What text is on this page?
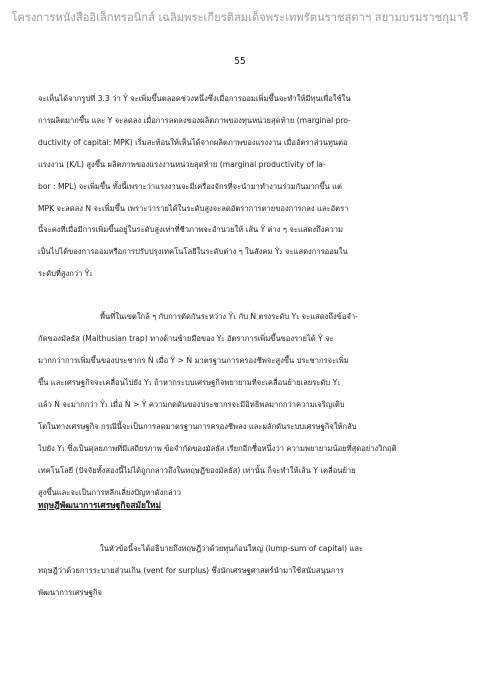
โครงการหนังสืออิเล็กทรอนิกส์ เฉลิมพระเกียรติสมเด็จพระเทพรัตนราชสุดาฯ สยามบรมราชกุมารี
55
จะเห็นได้จากรูปที่ 3.3 ว่า Ŷ จะเพิ่มขึ้นตลอดช่วงหนึ่งซึ่งเมื่อการออมเพิ่มขึ้นจะทำให้มีทุนเพื่อใช้ใน
การผลิตมากขึ้น และ Y จะลดลง เมื่อการลดลงของผลิตภาพของทุนหน่วยสุดท้าย (marginal pro-
ductivity of capital: MPK) เริ่มสะท้อนให้เห็นได้จากผลิตภาพของแรงงาน เมื่ออัตราส่วนทุนต่อ
แรงงาน (K/L) สูงขึ้น ผลิตภาพของแรงงานหน่วยสุดท้าย (marginal productivity of la-
bor : MPL) จะเพิ่มขึ้น ทั้งนี้เพราะว่าแรงงานจะมีเครื่องจักรที่จะนำมาทำงานร่วมกันมากขึ้น แต่
MPK จะลดลง N จะเพิ่มขึ้น เพราะว่ารายได้ในระดับสูงจะลดอัตราการตายของการกลง และอัตรา
นี้จะคงที่เมื่อมีการเพิ่มขึ้นอยู่ในระดับสูงเท่าที่ชีวภาพจะอำนวยให้ เส้น Ŷ ต่าง ๆ จะแสดงถึงความ
เป็นไปได้ของการออมหรือการปรับปรุงเทคโนโลยีในระดับต่าง ๆ ในสังคม Ŷ₂ จะแสดงการออมใน
ระดับที่สูงกว่า Ŷ₁
พื้นที่ในเขตใกล้ ๆ กับการตัดกันระหว่าง Ŷ₁ กับ Ṅ ตรงระดับ Y₁ จะแสดงถึงข้อจำ-
กัดของมัลธัส (Malthusian trap) ทางด้านซ้ายมือของ Y₁ อัตราการเพิ่มขึ้นของรายได้ Ŷ จะ
มากกว่าการเพิ่มขึ้นของประชากร Ṅ เมื่อ Ŷ > Ṅ มาตรฐานการครองชีพจะสูงขึ้น ประชากรจะเพิ่ม
ขึ้น และเศรษฐกิจจะเคลื่อนไปยัง Y₁ ถ้าหากระบบเศรษฐกิจพยายามที่จะเคลื่อนย้ายเลยระดับ Y₁
แล้ว Ṅ จะมากกว่า Ŷ₁ เมื่อ Ṅ > Ŷ ความกดดันของประชากรจะมีอิทธิพลมากกว่าความเจริญเติบ
โตในทางเศรษฐกิจ กรณีนี้จะเป็นการลดมาตรฐานการครองชีพลง และผลักดันระบบเศรษฐกิจให้กลับ
ไปยัง Y₁ ซึ่งเป็นดุลยภาพที่มีเสถียรภาพ ข้อจำกัดของมัลธัส เรียกอีกชื่อหนึ่งว่า ความพยายามน้อยที่สุดอย่างวิกฤติ
เทคโนโลยี (ปัจจัยทั้งสองนี้ไม่ได้ถูกกล่าวถึงในทฤษฎีของมัลธัส) เท่านั้น ก็จะทำให้เส้น Y เคลื่อนย้าย
สูงขึ้นและจะเป็นการหลีกเลี่ยงปัญหาดังกล่าว
ทฤษฎีพัฒนาการเศรษฐกิจสมัยใหม่
ในหัวข้อนี้จะได้อธิบายถึงทฤษฎีว่าด้วยทุนก้อนใหญ่ (lump-sum of capital) และ
ทฤษฎีว่าด้วยการระบายส่วนเกิน (vent for surplus) ซึ่งนักเศรษฐศาสตร์นำมาใช้สนับสนุนการ
พัฒนาการเศรษฐกิจ
